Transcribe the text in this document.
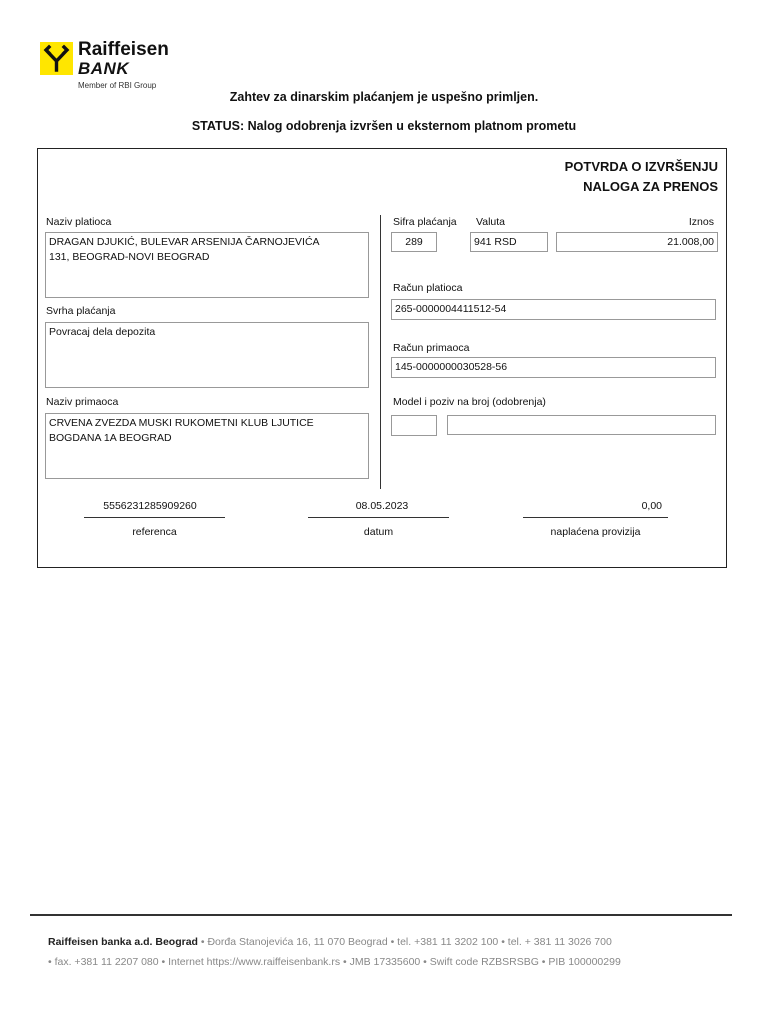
Raiffeisen
BANK
Member of RBI Group
Zahtev za dinarskim plaćanjem je uspešno primljen.
STATUS: Nalog odobrenja izvršen u eksternom platnom prometu
POTVRDA O IZVRŠENJU
NALOGA ZA PRENOS
Naziv platioca
DRAGAN DJUKIĆ, BULEVAR ARSENIJA ČARNOJEVIĆA
131, BEOGRAD-NOVI BEOGRAD
Svrha plaćanja
Povracaj dela depozita
Naziv primaoca
CRVENA ZVEZDA MUSKI RUKOMETNI KLUB LJUTICE
BOGDANA 1A BEOGRAD
Sifra plaćanja Valuta	Iznos
289	941 RSD	21.008,00
Račun platioca
265-0000004411512-54
Račun primaoca
145-0000000030528-56
Model i poziv na broj (odobrenja)
5556231285909260
referenca
08.05.2023
datum
0,00
naplaćena provizija
Raiffeisen banka a.d. Beograd • Đorđa Stanojevića 16, 11 070 Beograd • tel. +381 11 3202 100 • tel. + 381 11 3026 700
• fax. +381 11 2207 080 • Internet https://www.raiffeisenbank.rs • JMB 17335600 • Swift code RZBSRSBG • PIB 100000299
